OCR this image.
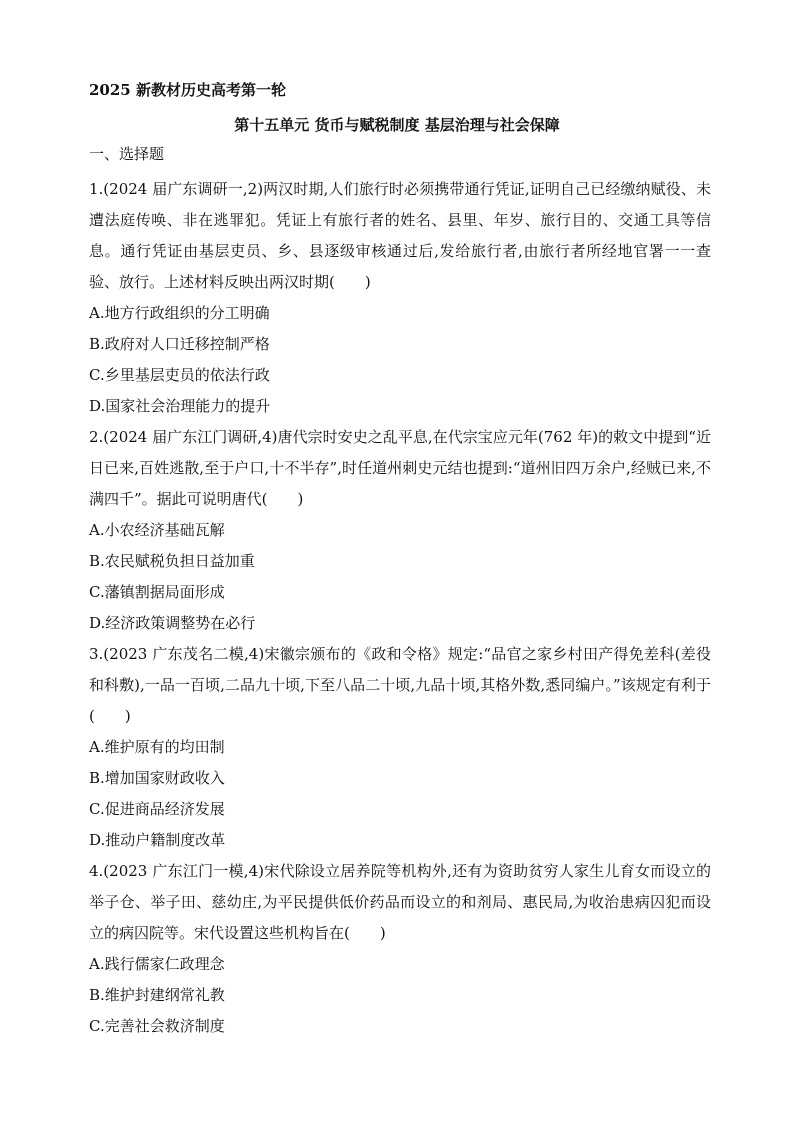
2025 新教材历史高考第一轮

第十五单元 货币与赋税制度 基层治理与社会保障

一、选择题

1.(2024 届广东调研一,2)两汉时期,人们旅行时必须携带通行凭证,证明自己已经缴纳赋役、未遭法庭传唤、非在逃罪犯。凭证上有旅行者的姓名、县里、年岁、旅行目的、交通工具等信息。通行凭证由基层吏员、乡、县逐级审核通过后,发给旅行者,由旅行者所经地官署一一查验、放行。上述材料反映出两汉时期(　　)

A.地方行政组织的分工明确

B.政府对人口迁移控制严格

C.乡里基层吏员的依法行政

D.国家社会治理能力的提升

2.(2024 届广东江门调研,4)唐代宗时安史之乱平息,在代宗宝应元年(762 年)的敕文中提到“近日已来,百姓逃散,至于户口,十不半存”,时任道州刺史元结也提到:“道州旧四万余户,经贼已来,不满四千”。据此可说明唐代(　　)

A.小农经济基础瓦解

B.农民赋税负担日益加重

C.藩镇割据局面形成

D.经济政策调整势在必行

3.(2023 广东茂名二模,4)宋徽宗颁布的《政和令格》规定:“品官之家乡村田产得免差科(差役和科敷),一品一百顷,二品九十顷,下至八品二十顷,九品十顷,其格外数,悉同编户。”该规定有利于(　　)

A.维护原有的均田制

B.增加国家财政收入

C.促进商品经济发展

D.推动户籍制度改革

4.(2023 广东江门一模,4)宋代除设立居养院等机构外,还有为资助贫穷人家生儿育女而设立的举子仓、举子田、慈幼庄,为平民提供低价药品而设立的和剂局、惠民局,为收治患病囚犯而设立的病囚院等。宋代设置这些机构旨在(　　)

A.践行儒家仁政理念

B.维护封建纲常礼教

C.完善社会救济制度
